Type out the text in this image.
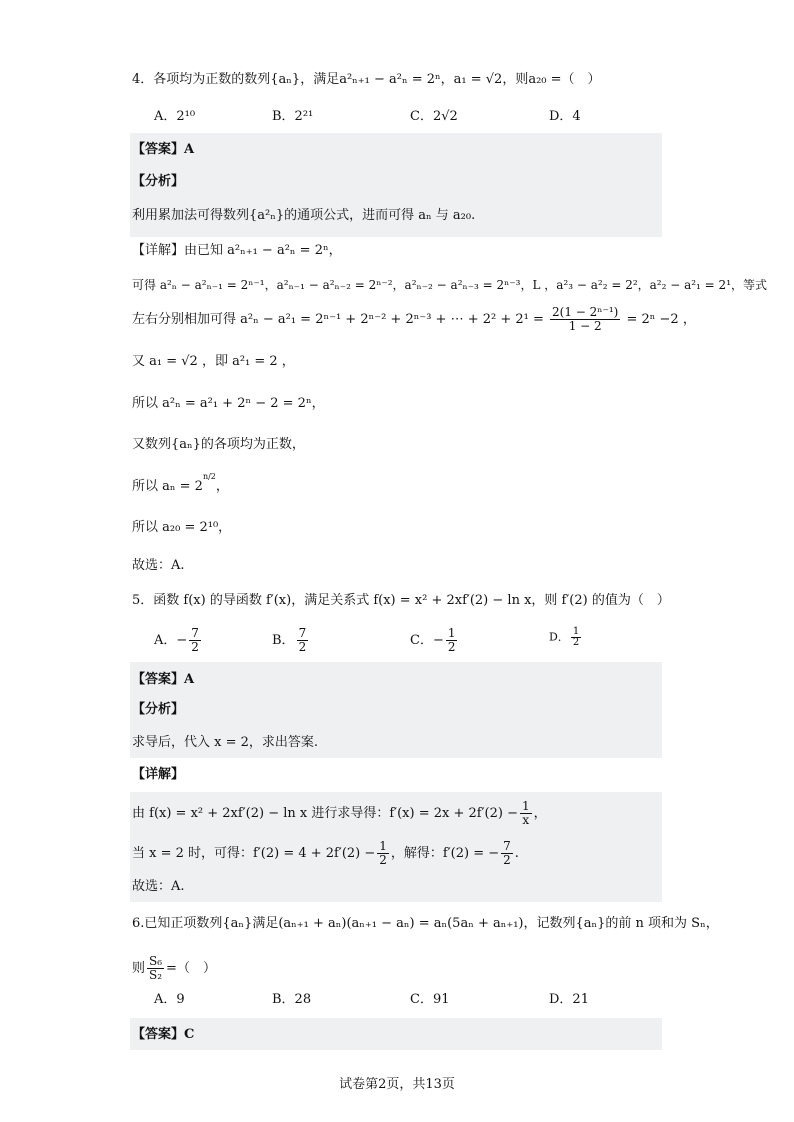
4．各项均为正数的数列{aₙ}，满足a²ₙ₊₁ − a²ₙ = 2ⁿ，a₁ = √2，则a₂₀ =（　）
A．2¹⁰	B．2²¹	C．2√2	D．4
【答案】A
【分析】
利用累加法可得数列{a²ₙ}的通项公式，进而可得 aₙ 与 a₂₀.
【详解】由已知 a²ₙ₊₁ − a²ₙ = 2ⁿ，
可得 a²ₙ − a²ₙ₋₁ = 2ⁿ⁻¹，a²ₙ₋₁ − a²ₙ₋₂ = 2ⁿ⁻²，a²ₙ₋₂ − a²ₙ₋₃ = 2ⁿ⁻³，L ，a²₃ − a²₂ = 2²，a²₂ − a²₁ = 2¹，等式
左右分别相加可得 a²ₙ − a²₁ = 2ⁿ⁻¹ + 2ⁿ⁻² + 2ⁿ⁻³ + ⋯ + $2^2 + 2^1 = \frac{\text{2(1 − 2ⁿ⁻¹)}}{1 - 2} = 2^n -2$ ，
又 a₁ = √2 ，即 a²₁ = 2 ，
所以 a²ₙ = a²₁ + 2ⁿ − 2 = 2ⁿ，
又数列{aₙ}的各项均为正数，
所以 $a_n = 2^{n/2}$，
所以 a₂₀ = 2¹⁰，
故选：A.
5．函数 f(x) 的导函数 f′(x)，满足关系式 f(x) = x² + 2xf′(2) − ln x，则 f′(2) 的值为（　）
A．− $\frac{7}{2}$	B． $\frac{7}{2}$	C．− $\frac{1}{2}$	D． $\frac{1}{2}$
【答案】A
【分析】
求导后，代入 x = 2，求出答案.
【详解】
由 f(x) = x² + 2xf′(2) − ln x 进行求导得：$f'(x) = 2x + 2f'(2) - \frac{1}{x}$ ，
当 x = 2 时，可得：$f'(2) = 4 + 2f'(2) - \frac{1}{2}$ ，解得：f′(2) = − $\frac{7}{2}$ .
故选：A.
6.已知正项数列{aₙ}满足(aₙ₊₁ + aₙ)(aₙ₊₁ − aₙ) = aₙ(5aₙ + aₙ₊₁)，记数列{aₙ}的前 n 项和为 Sₙ，
则 $\frac{\text{S₆}}{\text{S₂}}$ =（　）
A．9	B．28	C．91	D．21
【答案】C
试卷第2页，共13页
